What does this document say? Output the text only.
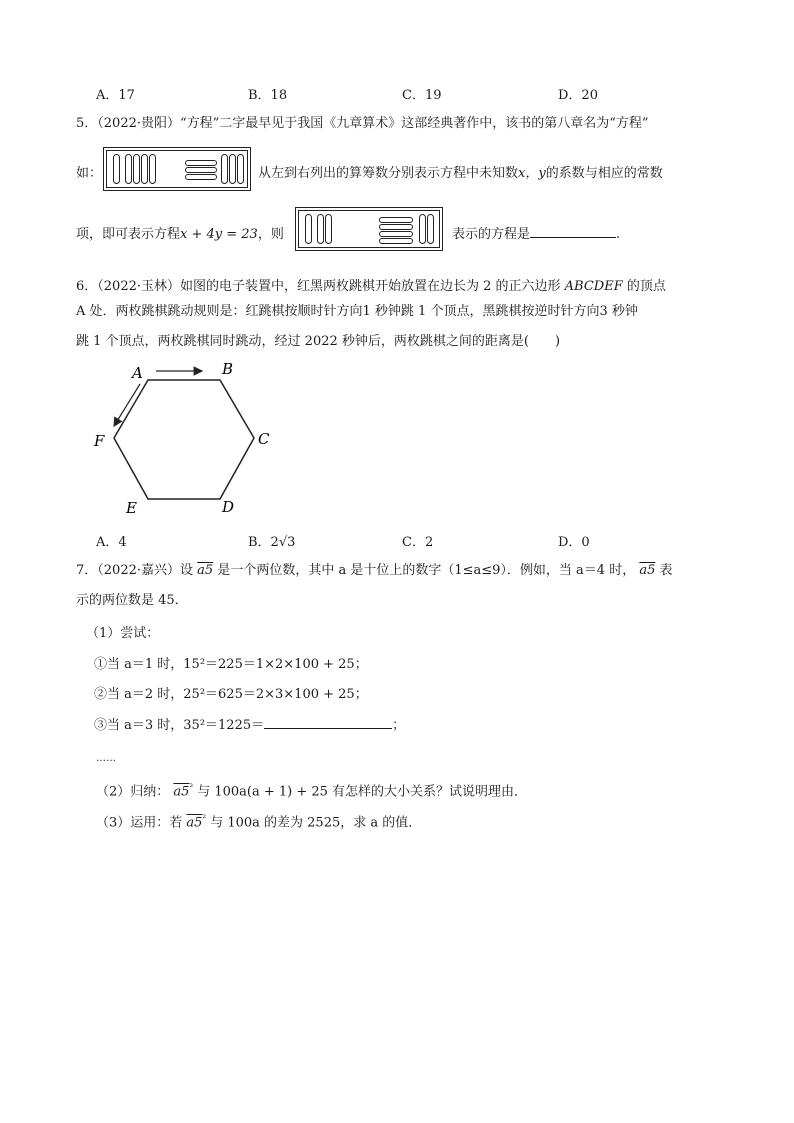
A．17	B．18	C．19	D．20
5．（2022·贵阳）“方程”二字最早见于我国《九章算术》这部经典著作中，该书的第八章名为“方程”
如：	从左到右列出的算筹数分别表示方程中未知数x，y的系数与相应的常数
项，即可表示方程x + 4y = 23，则	表示的方程是	.
6．（2022·玉林）如图的电子装置中，红黑两枚跳棋开始放置在边长为 2 的正六边形 ABCDEF 的顶点
A 处．两枚跳棋跳动规则是：红跳棋按顺时针方向1 秒钟跳 1 个顶点，黑跳棋按逆时针方向3 秒钟
跳 1 个顶点，两枚跳棋同时跳动，经过 2022 秒钟后，两枚跳棋之间的距离是(　　)
A	B
C
D
E
F
A．4	B．2√3	C．2	D．0
7．（2022·嘉兴）设 a5 是一个两位数，其中 a 是十位上的数字（1≤a≤9）．例如，当 a＝4 时， a5 表
示的两位数是 45．
（1）尝试：
①当 a＝1 时，15²＝225＝1×2×100 + 25；
②当 a＝2 时，25²＝625＝2×3×100 + 25；
③当 a＝3 时，35²＝1225＝	；
……
（2）归纳： $a5^{^2}$ 与 100a(a + 1) + 25 有怎样的大小关系？试说明理由．
（3）运用：若 $a5^{^2}$ 与 100a 的差为 2525，求 a 的值．
